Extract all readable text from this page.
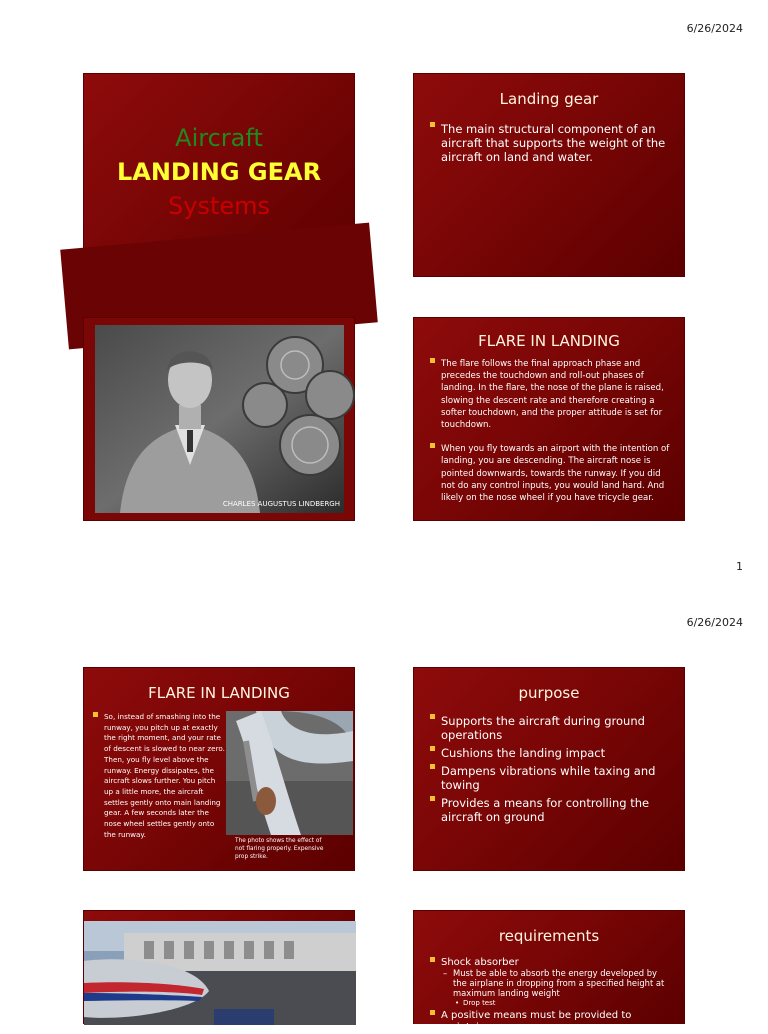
6/26/2024
Aircraft
LANDING GEAR
Systems
Landing gear
The main structural component of an aircraft that supports the weight of the aircraft on land and water.
CHARLES AUGUSTUS LINDBERGH
FLARE IN LANDING
The flare follows the final approach phase and precedes the touchdown and roll-out phases of landing. In the flare, the nose of the plane is raised, slowing the descent rate and therefore creating a softer touchdown, and the proper attitude is set for touchdown.
When you fly towards an airport with the intention of landing, you are descending. The aircraft nose is pointed downwards, towards the runway. If you did not do any control inputs, you would land hard. And likely on the nose wheel if you have tricycle gear.
1
6/26/2024
FLARE IN LANDING
So, instead of smashing into the runway, you pitch up at exactly the right moment, and your rate of descent is slowed to near zero. Then, you fly level above the runway. Energy dissipates, the aircraft slows further. You pitch up a little more, the aircraft settles gently onto main landing gear. A few seconds later the nose wheel settles gently onto the runway.
The photo shows the effect of not flaring properly. Expensive prop strike.
purpose
Supports the aircraft during ground operations
Cushions the landing impact
Dampens vibrations while taxing and towing
Provides a means for controlling the aircraft on ground
requirements
Shock absorber
– Must be able to absorb the energy developed by the airplane in dropping from a specified height at maximum landing weight
• Drop test
A positive means must be provided to maintain
